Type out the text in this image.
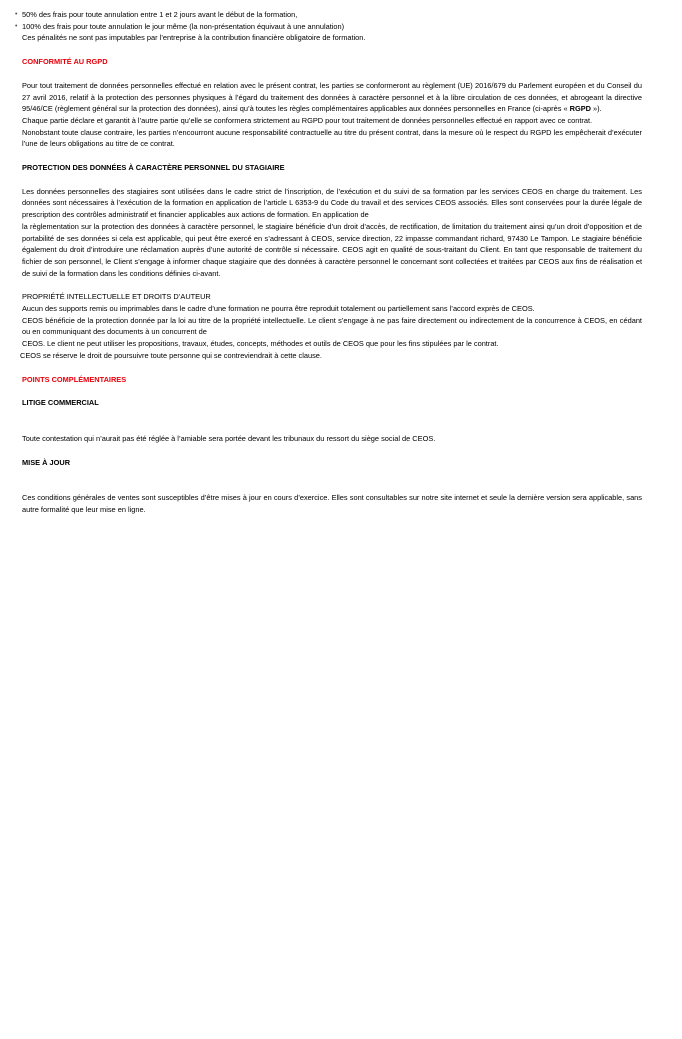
• 50% des frais pour toute annulation entre 1 et 2 jours avant le début de la formation,
• 100% des frais pour toute annulation le jour même (la non-présentation équivaut à une annulation)

Ces pénalités ne sont pas imputables par l’entreprise à la contribution financière obligatoire de formation.

CONFORMITÉ AU RGPD

Pour tout traitement de données personnelles effectué en relation avec le présent contrat, les parties se conformeront au règlement (UE) 2016/679 du Parlement européen et du Conseil du 27 avril 2016, relatif à la protection des personnes physiques à l’égard du traitement des données à caractère personnel et à la libre circulation de ces données, et abrogeant la directive 95/46/CE (règlement général sur la protection des données), ainsi qu’à toutes les règles complémentaires applicables aux données personnelles en France (ci-après « RGPD »).

Chaque partie déclare et garantit à l’autre partie qu’elle se conformera strictement au RGPD pour tout traitement de données personnelles effectué en rapport avec ce contrat.

Nonobstant toute clause contraire, les parties n’encourront aucune responsabilité contractuelle au titre du présent contrat, dans la mesure où le respect du RGPD les empêcherait d’exécuter l’une de leurs obligations au titre de ce contrat.

PROTECTION DES DONNÉES À CARACTÈRE PERSONNEL DU STAGIAIRE

Les données personnelles des stagiaires sont utilisées dans le cadre strict de l’inscription, de l’exécution et du suivi de sa formation par les services CEOS en charge du traitement. Les données sont nécessaires à l’exécution de la formation en application de l’article L 6353-9 du Code du travail et des services CEOS associés. Elles sont conservées pour la durée légale de prescription des contrôles administratif et financier applicables aux actions de formation. En application de

la règlementation sur la protection des données à caractère personnel, le stagiaire bénéficie d’un droit d’accès, de rectification, de limitation du traitement ainsi qu’un droit d’opposition et de portabilité de ses données si cela est applicable, qui peut être exercé en s’adressant à CEOS, service direction, 22 impasse commandant richard, 97430 Le Tampon. Le stagiaire bénéficie également du droit d’introduire une réclamation auprès d’une autorité de contrôle si nécessaire. CEOS agit en qualité de sous-traitant du Client. En tant que responsable de traitement du fichier de son personnel, le Client s’engage à informer chaque stagiaire que des données à caractère personnel le concernant sont collectées et traitées par CEOS aux fins de réalisation et de suivi de la formation dans les conditions définies ci-avant.

PROPRIÉTÉ INTELLECTUELLE ET DROITS D’AUTEUR

Aucun des supports remis ou imprimables dans le cadre d’une formation ne pourra être reproduit totalement ou partiellement sans l’accord exprès de CEOS.

CEOS bénéficie de la protection donnée par la loi au titre de la propriété intellectuelle. Le client s’engage à ne pas faire directement ou indirectement de la concurrence à CEOS, en cédant ou en communiquant des documents à un concurrent de

CEOS. Le client ne peut utiliser les propositions, travaux, études, concepts, méthodes et outils de CEOS que pour les fins stipulées par le contrat.

CEOS se réserve le droit de poursuivre toute personne qui se contreviendrait à cette clause.

POINTS COMPLÉMENTAIRES

LITIGE COMMERCIAL

Toute contestation qui n’aurait pas été réglée à l’amiable sera portée devant les tribunaux du ressort du siège social de CEOS.

MISE À JOUR

Ces conditions générales de ventes sont susceptibles d’être mises à jour en cours d’exercice. Elles sont consultables sur notre site internet et seule la dernière version sera applicable, sans autre formalité que leur mise en ligne.
